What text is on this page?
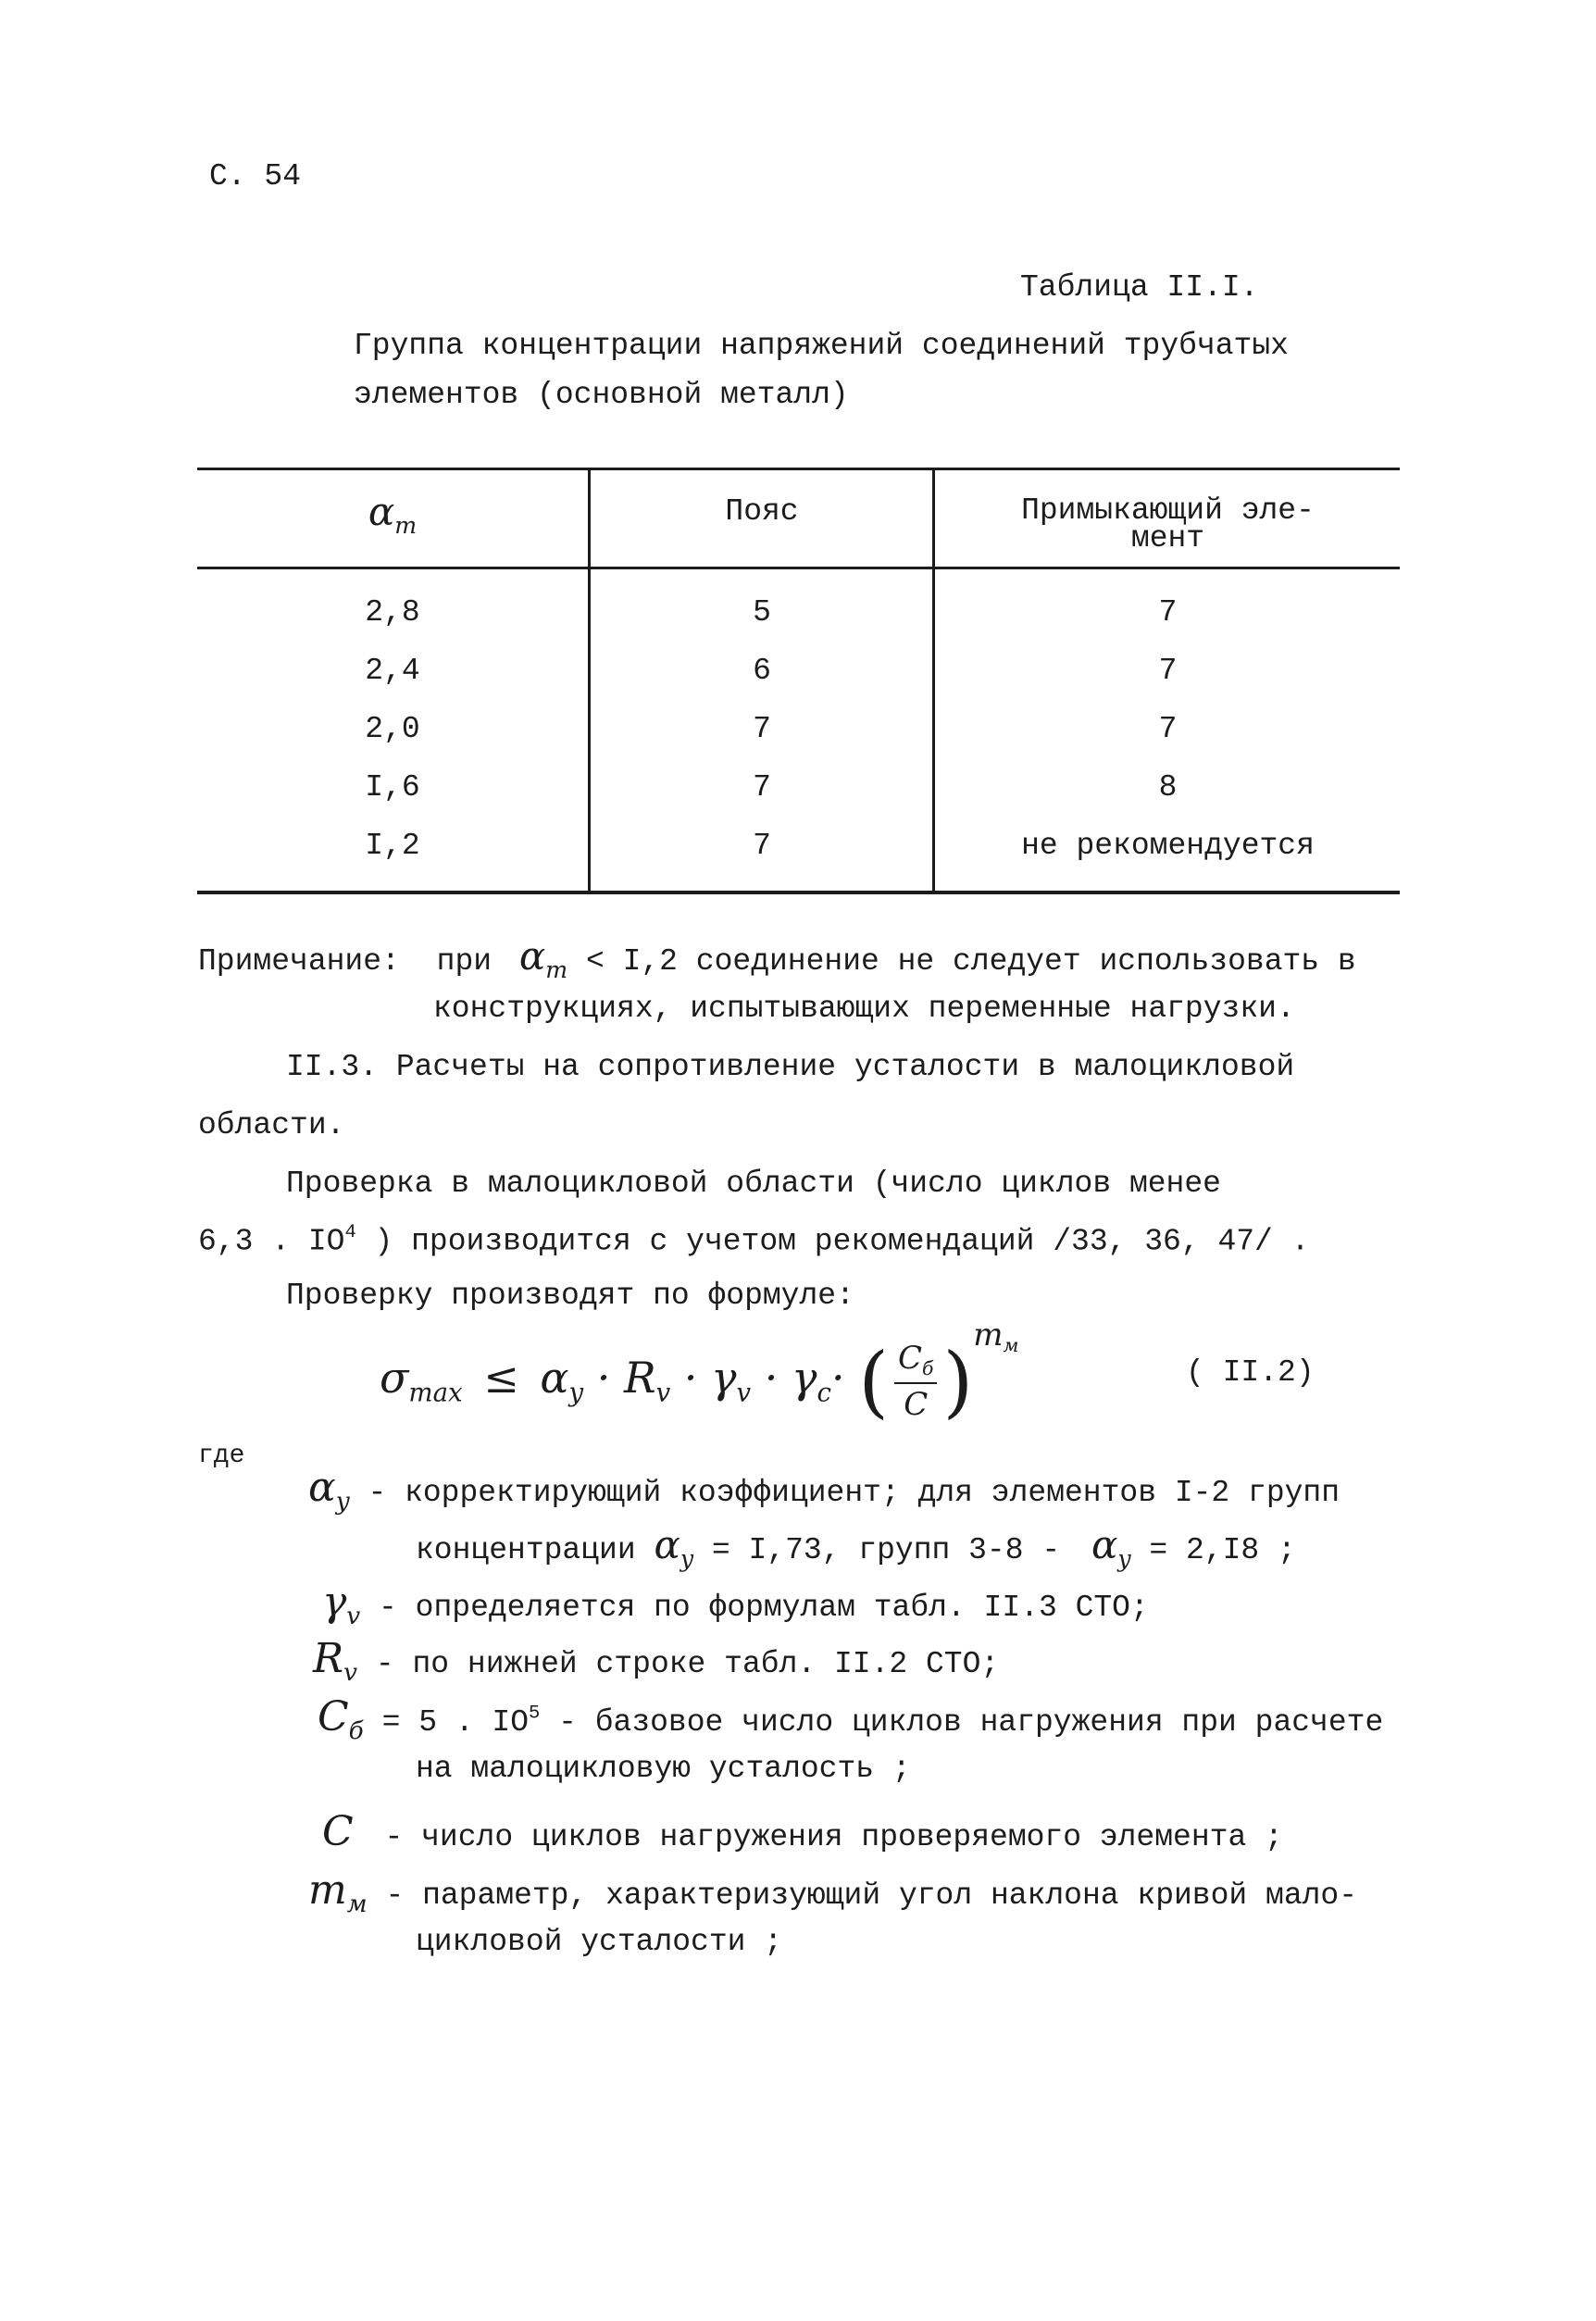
С. 54
Таблица II.I.
Группа концентрации напряжений соединений трубчатых
элементов (основной металл)
$\alpha_m$	Пояс	Примыкающий эле-
мент
2,8	5	7
2,4	6	7
2,0	7	7
I,6	7	8
I,2	7	не рекомендуется
Примечание: при $\alpha_m < I,2$ соединение не следует использовать в
конструкциях, испытывающих переменные нагрузки.
II.3. Расчеты на сопротивление усталости в малоцикловой
области.
Проверка в малоцикловой области (число циклов менее
6,3 . $IO^4$ ) производится с учетом рекомендаций /33, 36, 47/ .
Проверку производят по формуле:
$\sigma_{max} \le \alpha_y \cdot R_v \cdot \gamma_v \cdot \gamma_c\cdot$ ( $\frac{C_б}{C} )^{m_м}$
( II.2)
где
$\alpha_y$ - корректирующий коэффициент; для элементов I-2 групп
концентрации $\alpha_y = I,73$, групп $3-8 - \alpha_y = 2,I8$ ;
$\gamma_v$ - определяется по формулам табл. II.3 СТО;
$R_v$ - по нижней строке табл. II.2 СТО;
$C_б = 5$ . $IO^5$ - базовое число циклов нагружения при расчете
на малоцикловую усталость ;
C - число циклов нагружения проверяемого элемента ;
$m_м$ - параметр, характеризующий угол наклона кривой мало-
цикловой усталости ;
